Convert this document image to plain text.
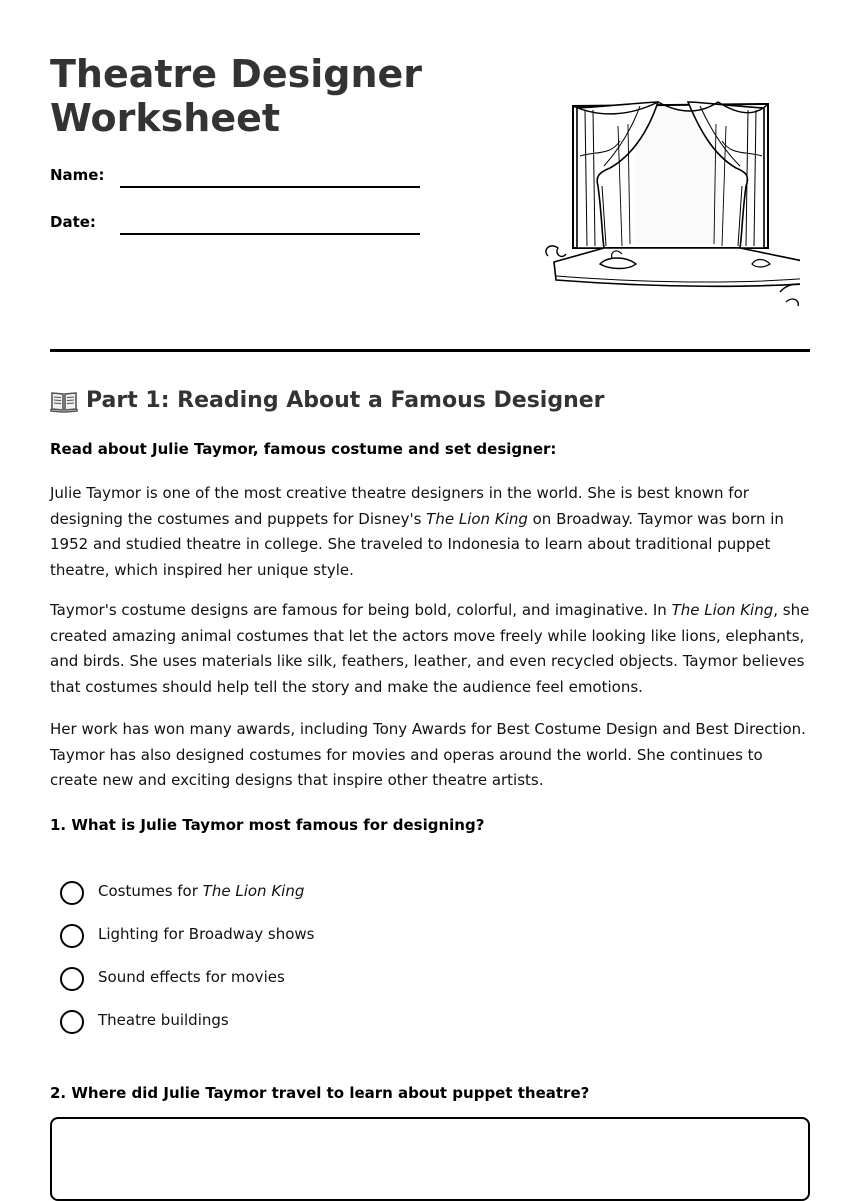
Theatre Designer Worksheet
Name:
Date:
Part 1: Reading About a Famous Designer
Read about Julie Taymor, famous costume and set designer:

Julie Taymor is one of the most creative theatre designers in the world. She is best known for designing the costumes and puppets for Disney's The Lion King on Broadway. Taymor was born in 1952 and studied theatre in college. She traveled to Indonesia to learn about traditional puppet theatre, which inspired her unique style.

Taymor's costume designs are famous for being bold, colorful, and imaginative. In The Lion King, she created amazing animal costumes that let the actors move freely while looking like lions, elephants, and birds. She uses materials like silk, feathers, leather, and even recycled objects. Taymor believes that costumes should help tell the story and make the audience feel emotions.

Her work has won many awards, including Tony Awards for Best Costume Design and Best Direction. Taymor has also designed costumes for movies and operas around the world. She continues to create new and exciting designs that inspire other theatre artists.

1. What is Julie Taymor most famous for designing?
Costumes for The Lion King
Lighting for Broadway shows
Sound effects for movies
Theatre buildings
2. Where did Julie Taymor travel to learn about puppet theatre?
